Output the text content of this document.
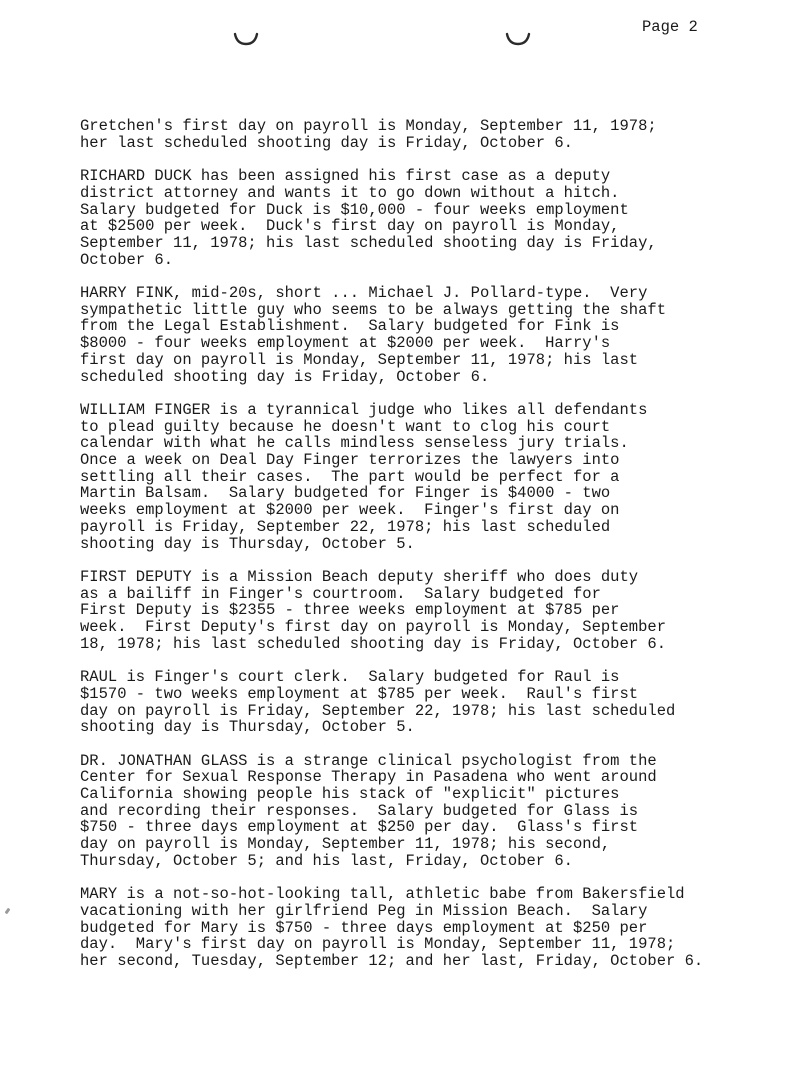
Page 2
Gretchen's first day on payroll is Monday, September 11, 1978;
her last scheduled shooting day is Friday, October 6.
RICHARD DUCK has been assigned his first case as a deputy
district attorney and wants it to go down without a hitch.
Salary budgeted for Duck is $10,000 - four weeks employment
at $2500 per week.  Duck's first day on payroll is Monday,
September 11, 1978; his last scheduled shooting day is Friday,
October 6.
HARRY FINK, mid-20s, short ... Michael J. Pollard-type.  Very
sympathetic little guy who seems to be always getting the shaft
from the Legal Establishment.  Salary budgeted for Fink is
$8000 - four weeks employment at $2000 per week.  Harry's
first day on payroll is Monday, September 11, 1978; his last
scheduled shooting day is Friday, October 6.
WILLIAM FINGER is a tyrannical judge who likes all defendants
to plead guilty because he doesn't want to clog his court
calendar with what he calls mindless senseless jury trials.
Once a week on Deal Day Finger terrorizes the lawyers into
settling all their cases.  The part would be perfect for a
Martin Balsam.  Salary budgeted for Finger is $4000 - two
weeks employment at $2000 per week.  Finger's first day on
payroll is Friday, September 22, 1978; his last scheduled
shooting day is Thursday, October 5.
FIRST DEPUTY is a Mission Beach deputy sheriff who does duty
as a bailiff in Finger's courtroom.  Salary budgeted for
First Deputy is $2355 - three weeks employment at $785 per
week.  First Deputy's first day on payroll is Monday, September
18, 1978; his last scheduled shooting day is Friday, October 6.
RAUL is Finger's court clerk.  Salary budgeted for Raul is
$1570 - two weeks employment at $785 per week.  Raul's first
day on payroll is Friday, September 22, 1978; his last scheduled
shooting day is Thursday, October 5.
DR. JONATHAN GLASS is a strange clinical psychologist from the
Center for Sexual Response Therapy in Pasadena who went around
California showing people his stack of "explicit" pictures
and recording their responses.  Salary budgeted for Glass is
$750 - three days employment at $250 per day.  Glass's first
day on payroll is Monday, September 11, 1978; his second,
Thursday, October 5; and his last, Friday, October 6.
MARY is a not-so-hot-looking tall, athletic babe from Bakersfield
vacationing with her girlfriend Peg in Mission Beach.  Salary
budgeted for Mary is $750 - three days employment at $250 per
day.  Mary's first day on payroll is Monday, September 11, 1978;
her second, Tuesday, September 12; and her last, Friday, October 6.
